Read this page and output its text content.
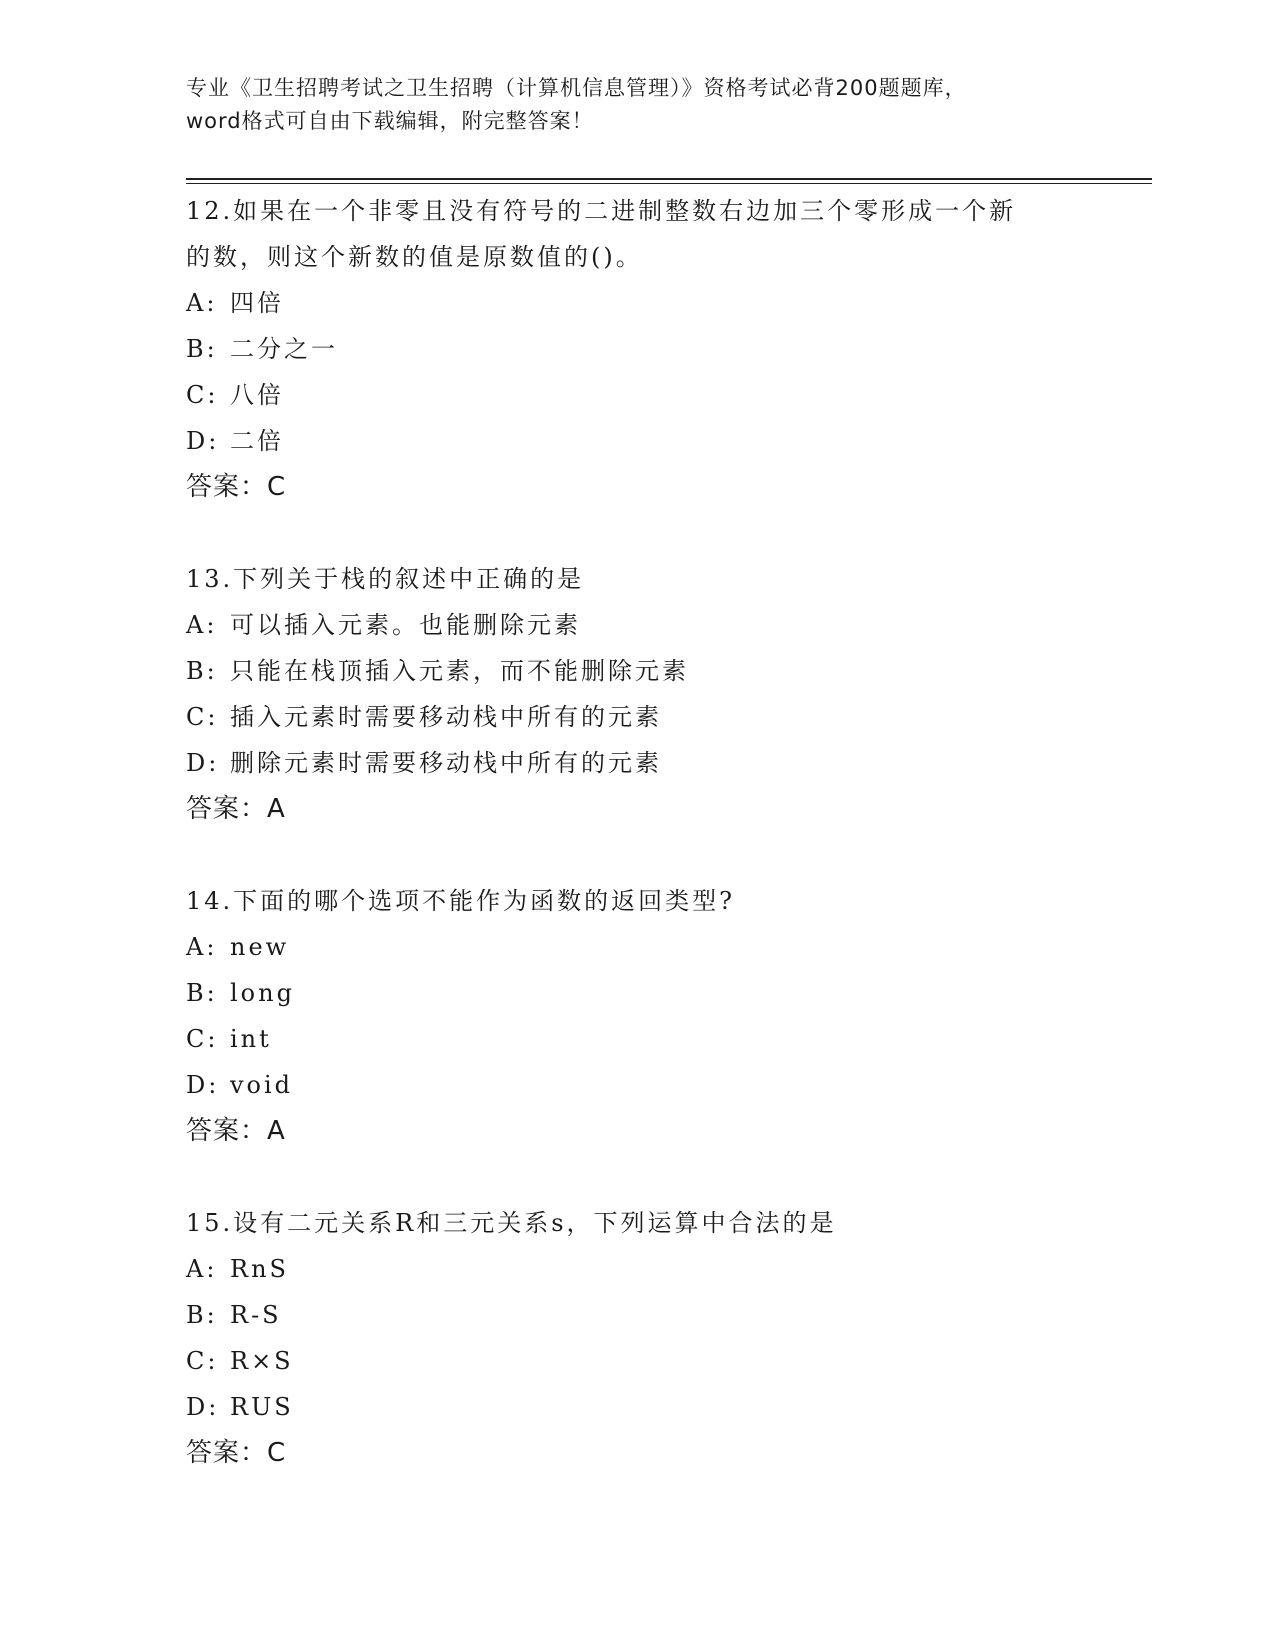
专业《卫生招聘考试之卫生招聘（计算机信息管理）》资格考试必背200题题库，
word格式可自由下载编辑，附完整答案！
12.如果在一个非零且没有符号的二进制整数右边加三个零形成一个新
的数，则这个新数的值是原数值的()。
A: 四倍
B: 二分之一
C: 八倍
D: 二倍
答案：C
13.下列关于栈的叙述中正确的是
A: 可以插入元素。也能删除元素
B: 只能在栈顶插入元素，而不能删除元素
C: 插入元素时需要移动栈中所有的元素
D: 删除元素时需要移动栈中所有的元素
答案：A
14.下面的哪个选项不能作为函数的返回类型?
A: new
B: long
C: int
D: void
答案：A
15.设有二元关系R和三元关系s，下列运算中合法的是
A: RnS
B: R-S
C: R×S
D: RUS
答案：C
